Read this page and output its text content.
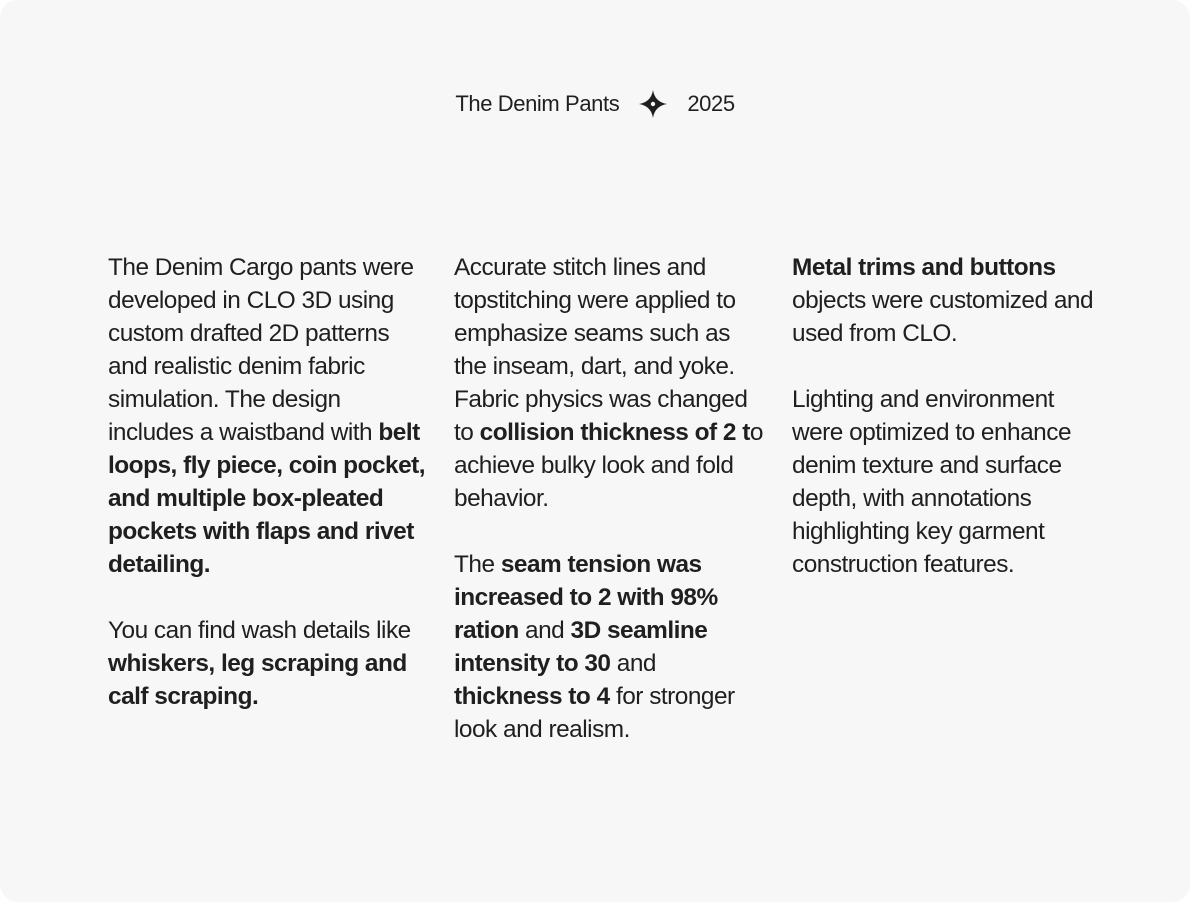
The Denim Pants	2025

The Denim Cargo pants were developed in CLO 3D using custom drafted 2D patterns and realistic denim fabric simulation. The design includes a waistband with belt loops, fly piece, coin pocket, and multiple box-pleated pockets with flaps and rivet detailing.

You can find wash details like whiskers, leg scraping and calf scraping.

Accurate stitch lines and topstitching were applied to emphasize seams such as the inseam, dart, and yoke. Fabric physics was changed to collision thickness of 2 to achieve bulky look and fold behavior.

The seam tension was increased to 2 with 98% ration and 3D seamline intensity to 30 and thickness to 4 for stronger look and realism.

Metal trims and buttons objects were customized and used from CLO.

Lighting and environment were optimized to enhance denim texture and surface depth, with annotations highlighting key garment construction features.
